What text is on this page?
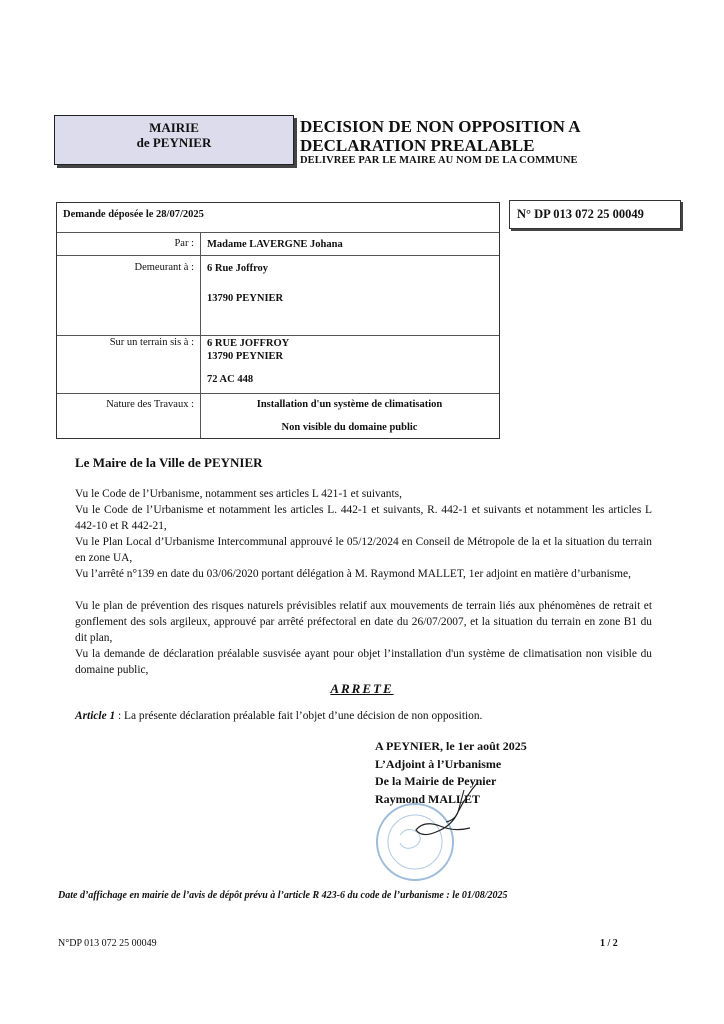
MAIRIE
de PEYNIER
DECISION DE NON OPPOSITION A
DECLARATION PREALABLE
DELIVREE PAR LE MAIRE AU NOM DE LA COMMUNE
Demande déposée le 28/07/2025
Par : Madame LAVERGNE Johana
Demeurant à : 6 Rue Joffroy
13790 PEYNIER
Sur un terrain sis à : 6 RUE JOFFROY
13790 PEYNIER
72 AC 448
Nature des Travaux :	Installation d'un système de climatisation
Non visible du domaine public
N° DP 013 072 25 00049
Le Maire de la Ville de PEYNIER
Vu le Code de l’Urbanisme, notamment ses articles L 421-1 et suivants,
Vu le Code de l’Urbanisme et notamment les articles L. 442-1 et suivants, R. 442-1 et suivants et notamment les articles L 442-10 et R 442-21,
Vu le Plan Local d’Urbanisme Intercommunal approuvé le 05/12/2024 en Conseil de Métropole de la et la situation du terrain en zone UA,
Vu l’arrêté n°139 en date du 03/06/2020 portant délégation à M. Raymond MALLET, 1er adjoint en matière d’urbanisme,
Vu le plan de prévention des risques naturels prévisibles relatif aux mouvements de terrain liés aux phénomènes de retrait et gonflement des sols argileux, approuvé par arrêté préfectoral en date du 26/07/2007, et la situation du terrain en zone B1 du dit plan,
Vu la demande de déclaration préalable susvisée ayant pour objet l’installation d'un système de climatisation non visible du domaine public,
ARRETE
Article 1 : La présente déclaration préalable fait l’objet d’une décision de non opposition.
A PEYNIER, le 1er août 2025
L’Adjoint à l’Urbanisme
De la Mairie de Peynier
Raymond MALLET
Date d’affichage en mairie de l’avis de dépôt prévu à l’article R 423-6 du code de l’urbanisme : le 01/08/2025
N°DP 013 072 25 00049	1 / 2
